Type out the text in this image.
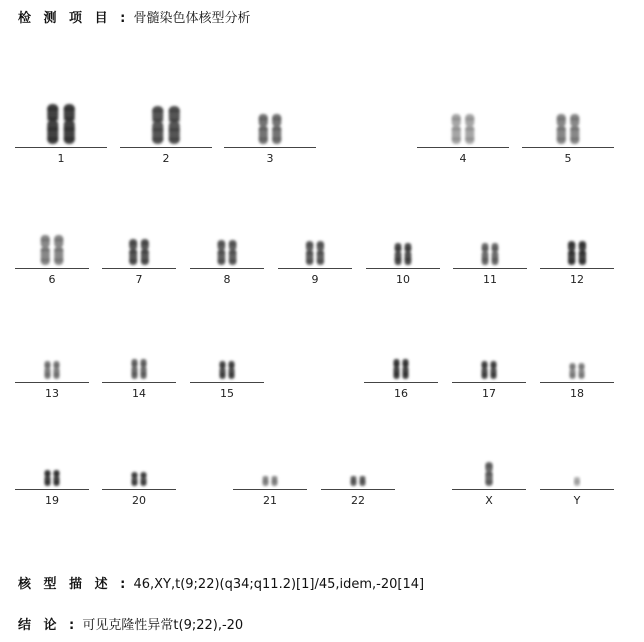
检 测 项 目 : 骨髓染色体核型分析
1	2	3	4	5
6	7	8	9	10	11	12
13	14	15	16	17	18
19	20	21	22	X	Y
核 型 描 述 : 46,XY,t(9;22)(q34;q11.2)[1]/45,idem,-20[14]
结 论 : 可见克隆性异常t(9;22),-20
